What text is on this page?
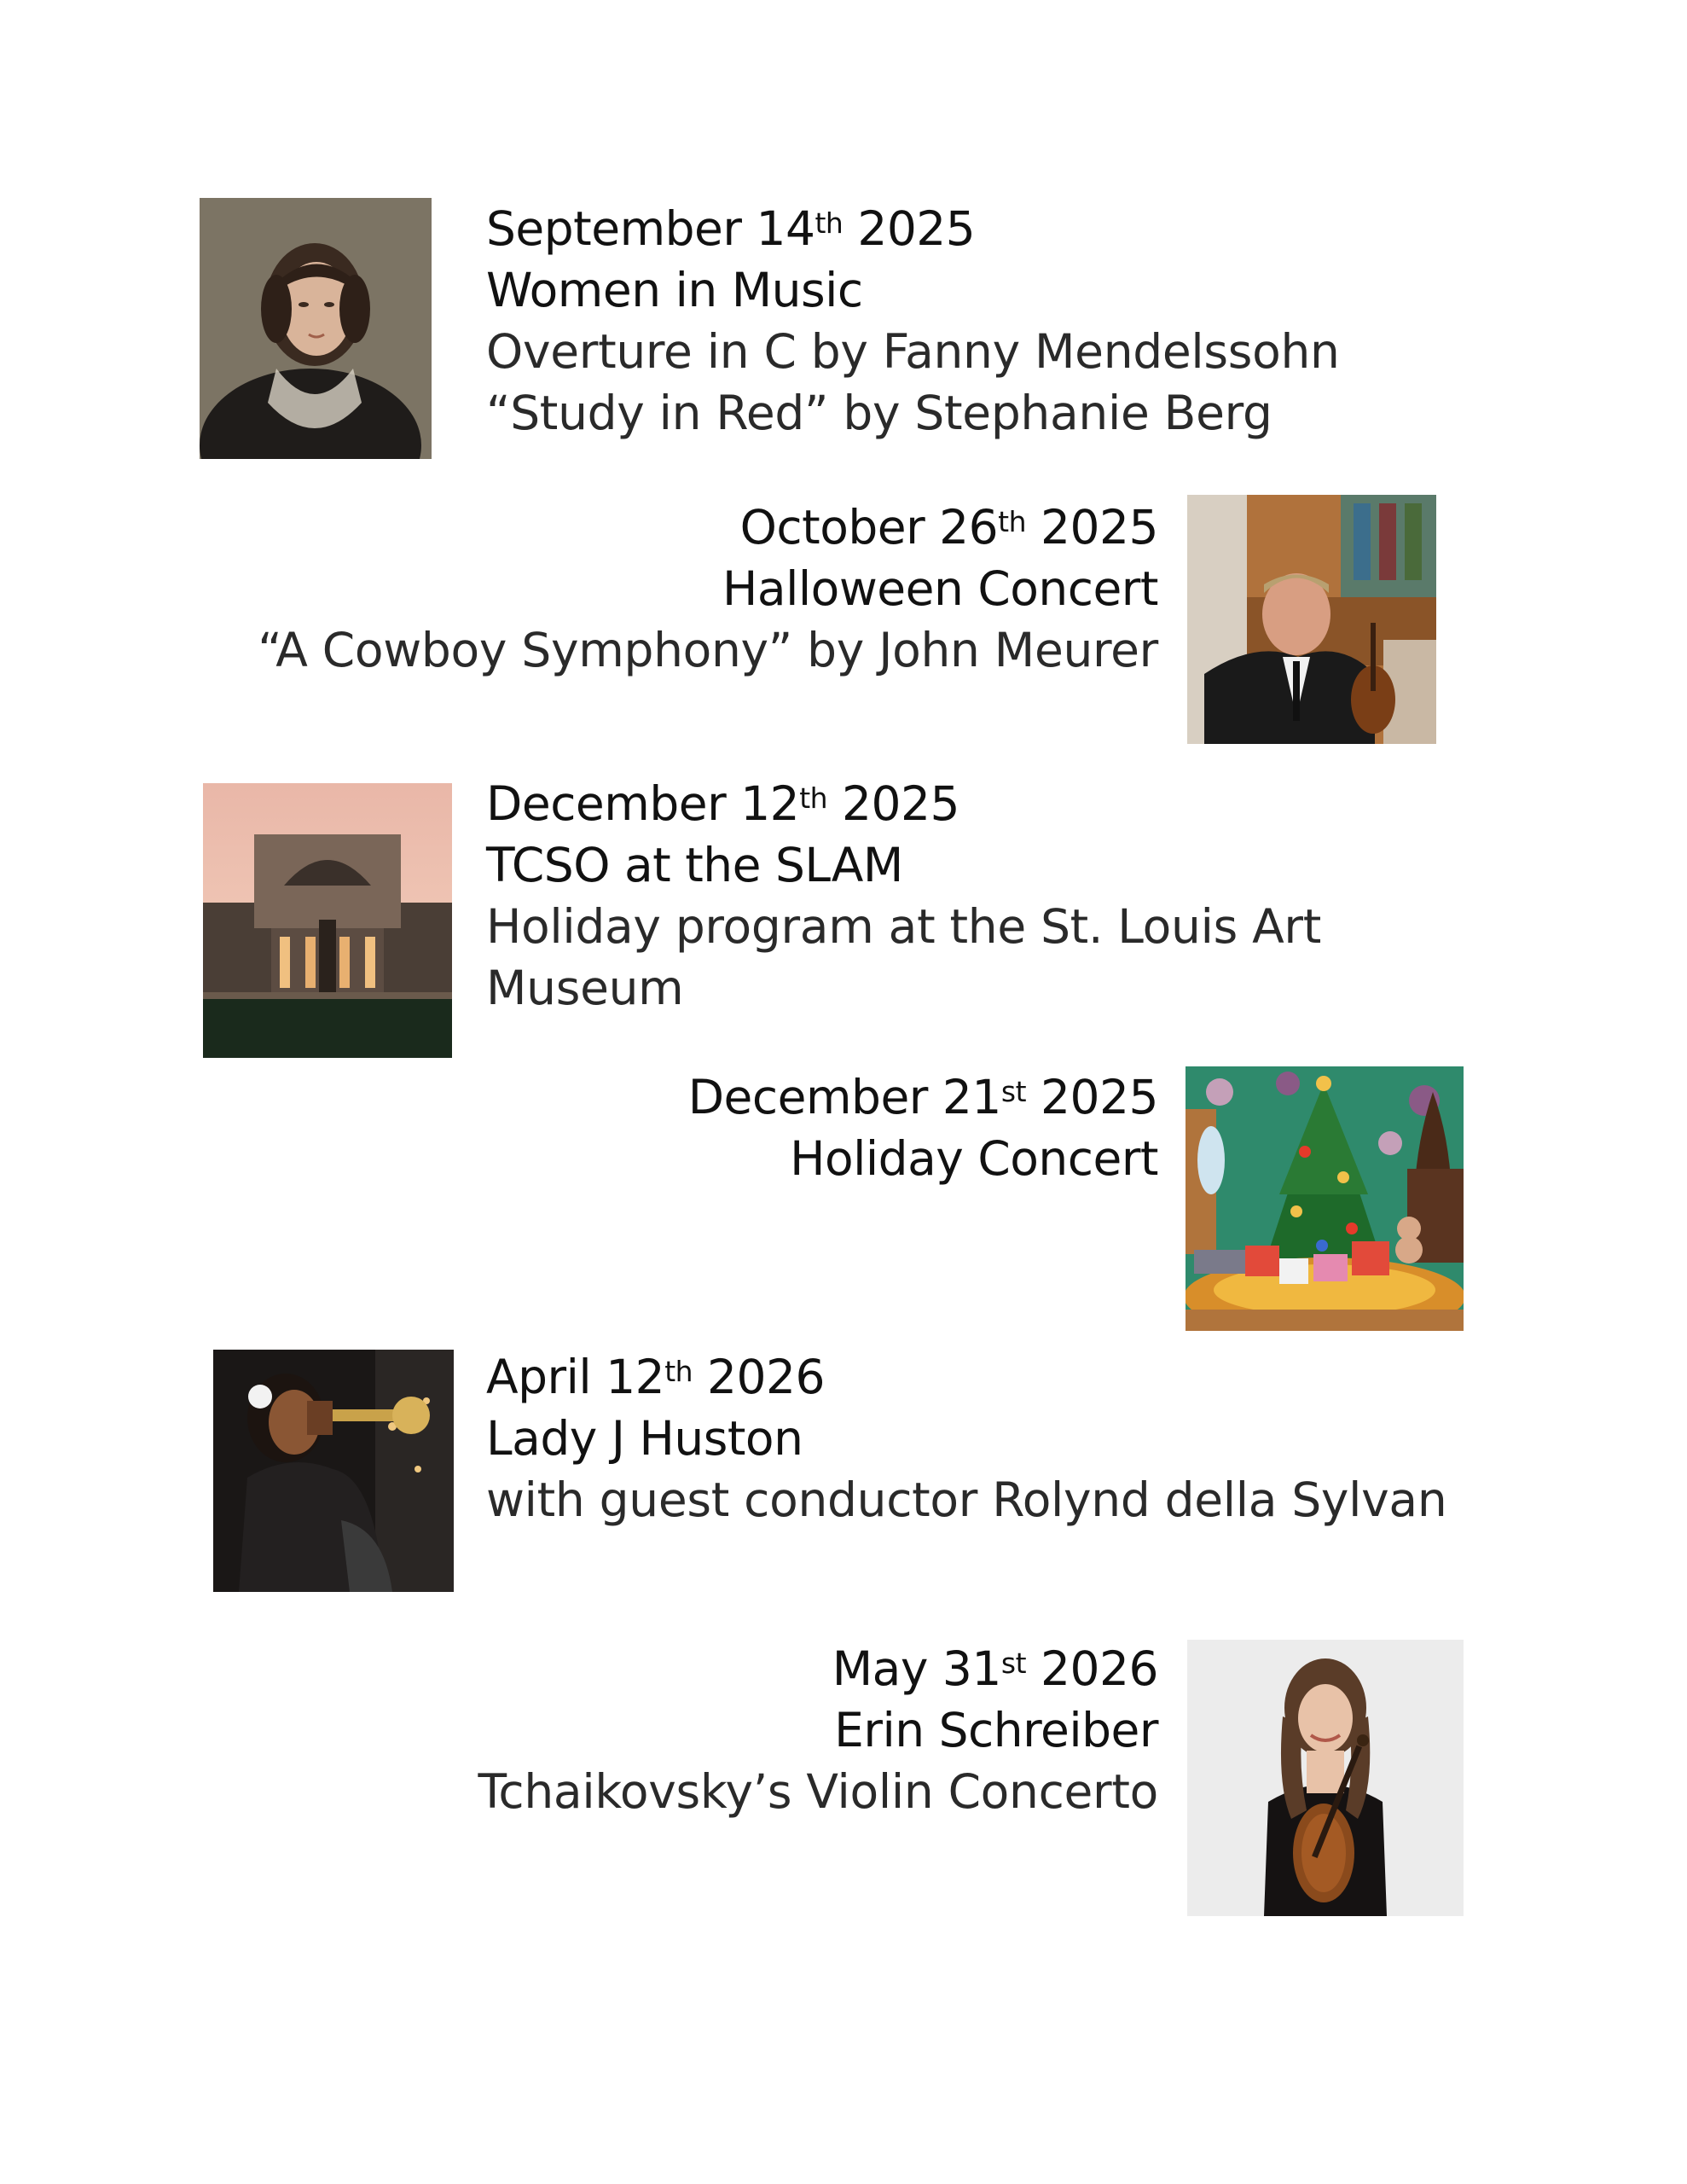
September 14th 2025
Women in Music
Overture in C by Fanny Mendelssohn
“Study in Red” by Stephanie Berg
October 26th 2025
Halloween Concert
“A Cowboy Symphony” by John Meurer
December 12th 2025
TCSO at the SLAM
Holiday program at the St. Louis Art Museum
December 21st 2025
Holiday Concert
April 12th 2026
Lady J Huston
with guest conductor Rolynd della Sylvan
May 31st 2026
Erin Schreiber
Tchaikovsky’s Violin Concerto
